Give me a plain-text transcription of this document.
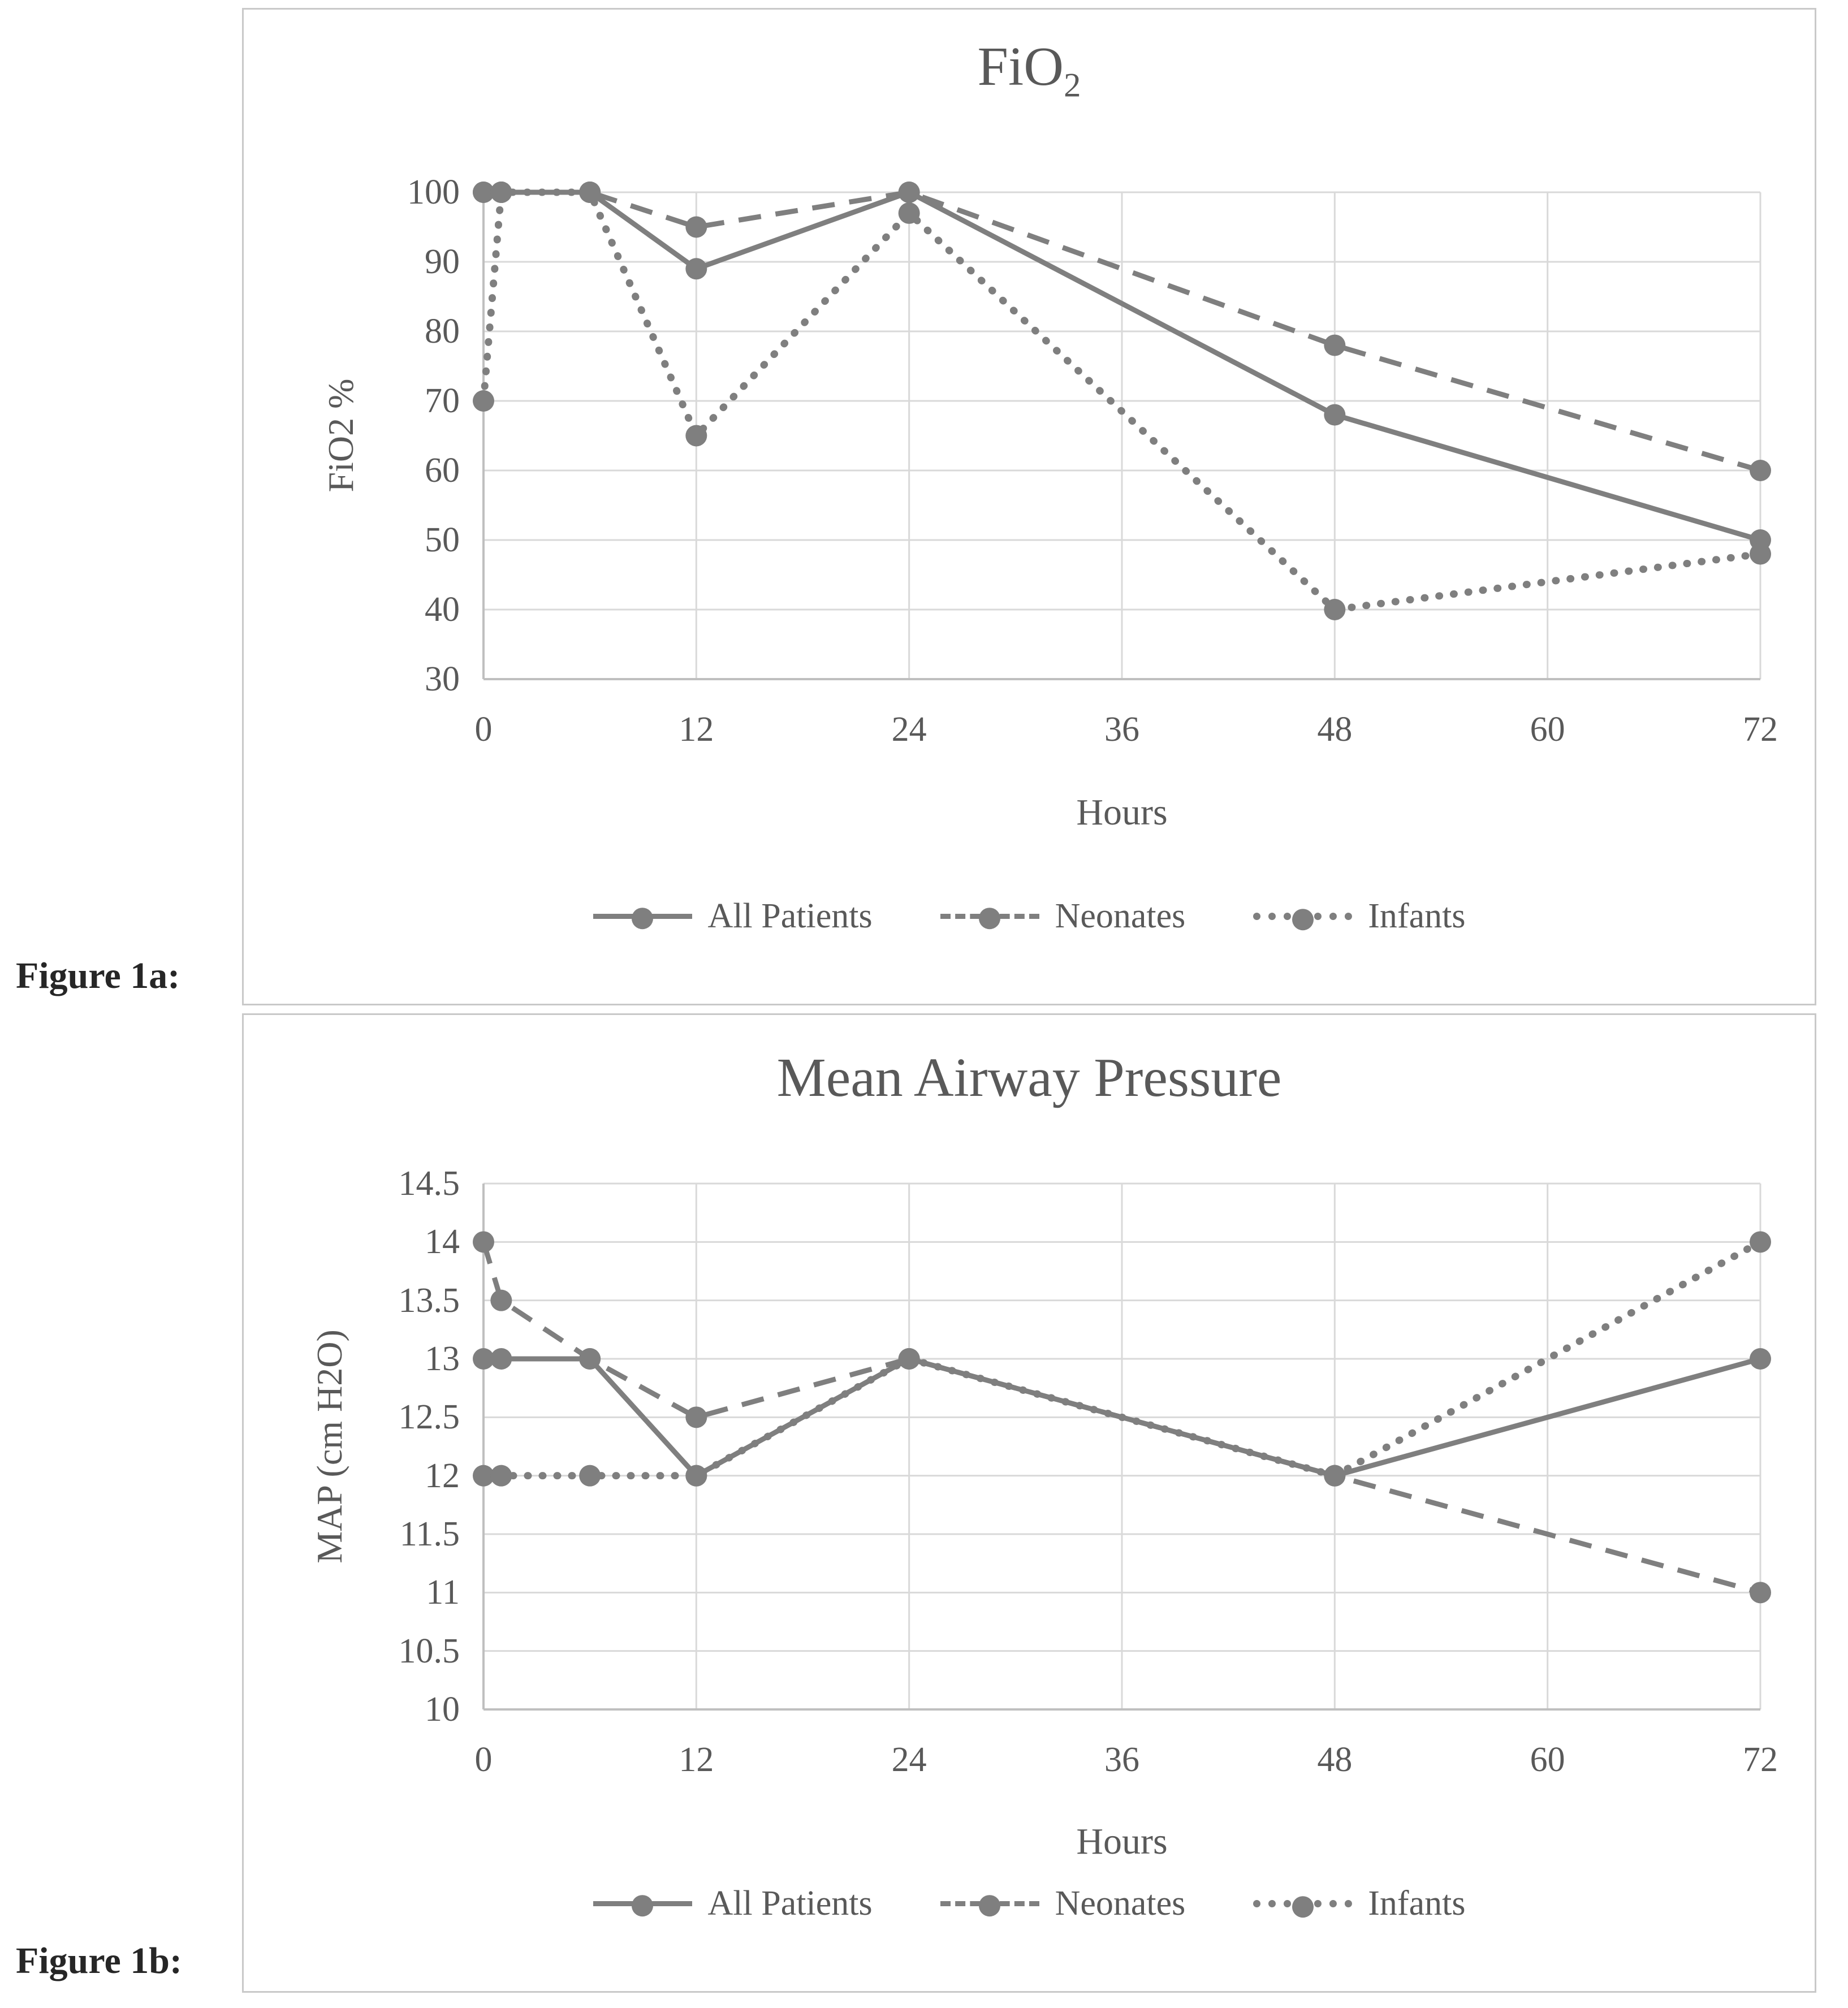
FiO$_2$
FiO2 %
100
90
80
70
60
50
40
30
0	12	24	36	48	60	72
Hours
All Patients	Neonates	Infants
Mean Airway Pressure
MAP (cm H2O)
14.5
14
13.5
13
12.5
12
11.5
11
10.5
10
0	12	24	36	48	60	72
Hours
All Patients	Neonates	Infants
Figure 1a:
Figure 1b:
